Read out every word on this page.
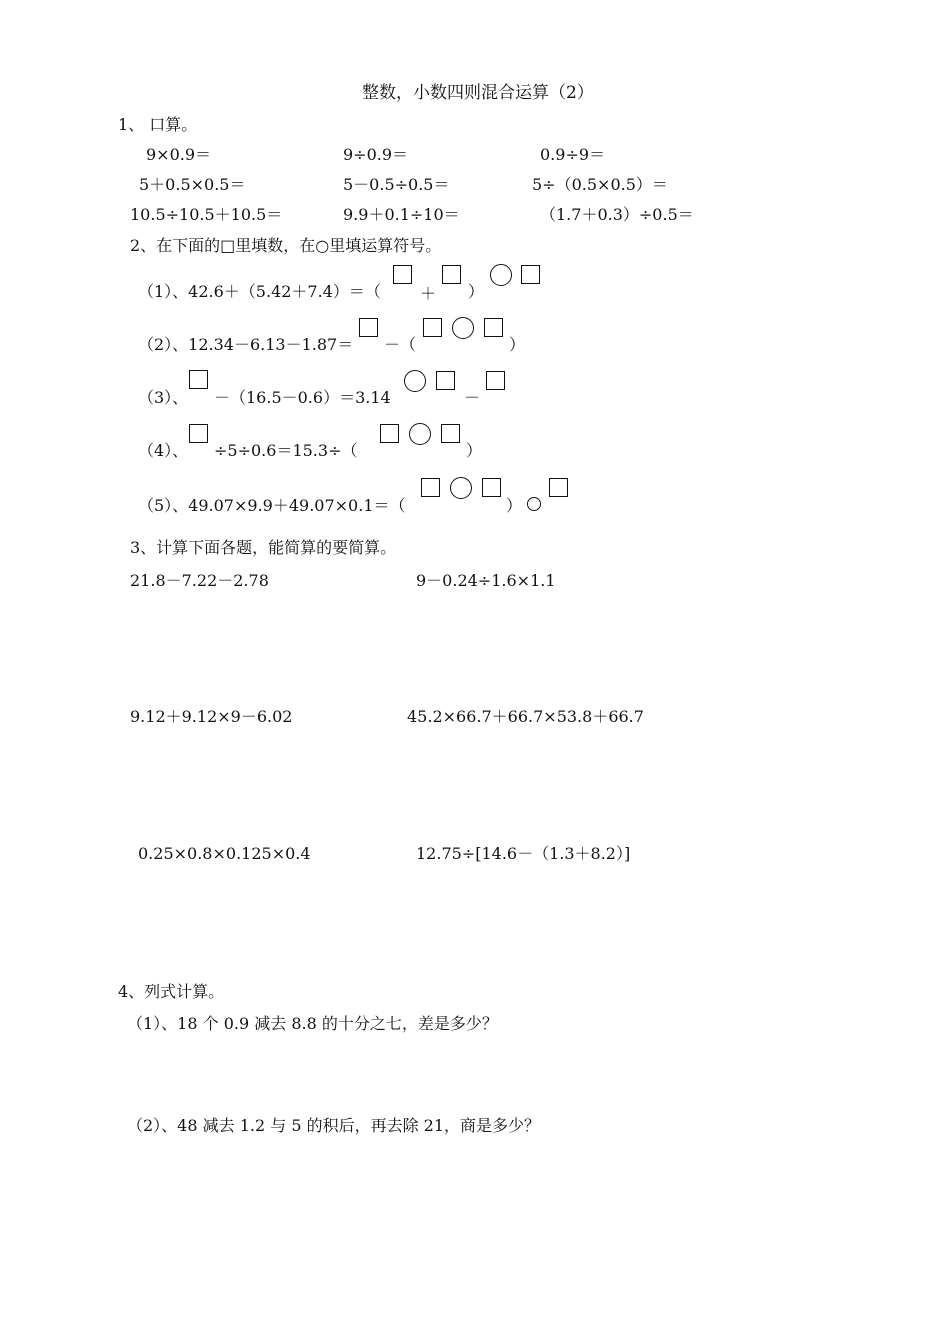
整数，小数四则混合运算（2）
1、 口算。
9×0.9＝	9÷0.9＝	0.9÷9＝
5＋0.5×0.5＝	5－0.5÷0.5＝	5÷（0.5×0.5）＝
10.5÷10.5＋10.5＝	9.9＋0.1÷10＝	（1.7＋0.3）÷0.5＝
2、在下面的□里填数，在○里填运算符号。
（1）、42.6＋（5.42＋7.4）＝（ ＋ ）
（2）、12.34－6.13－1.87＝ －（	）
（3）、 －（16.5－0.6）＝3.14	－
（4）、 ÷5÷0.6＝15.3÷（	）
（5）、49.07×9.9＋49.07×0.1＝（	）
3、计算下面各题，能简算的要简算。
21.8－7.22－2.78	9－0.24÷1.6×1.1
9.12＋9.12×9－6.02	45.2×66.7＋66.7×53.8＋66.7
0.25×0.8×0.125×0.4	12.75÷[14.6－（1.3＋8.2）]
4、列式计算。
（1）、18 个 0.9 减去 8.8 的十分之七，差是多少？
（2）、48 减去 1.2 与 5 的积后，再去除 21，商是多少？
